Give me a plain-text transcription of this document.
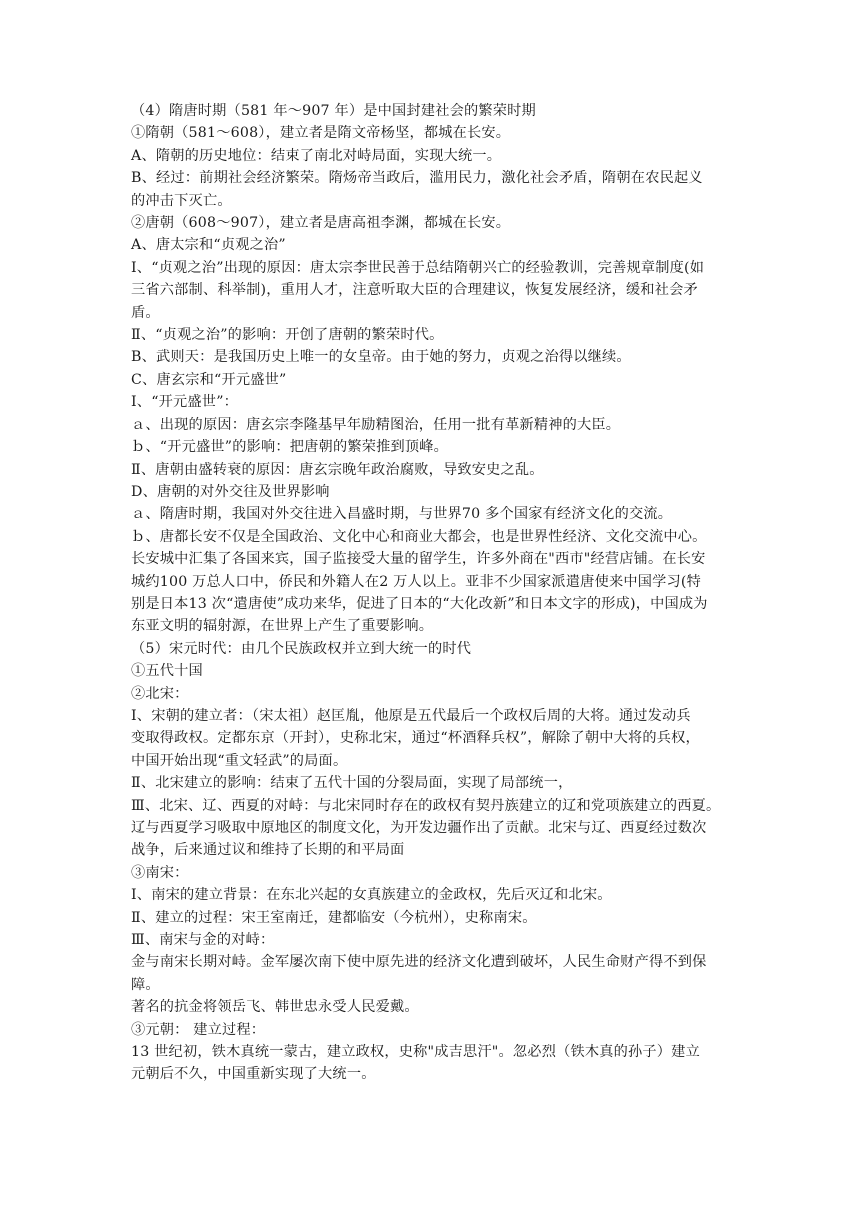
（4）隋唐时期（581 年～907 年）是中国封建社会的繁荣时期

①隋朝（581～608），建立者是隋文帝杨坚，都城在长安。

A、隋朝的历史地位：结束了南北对峙局面，实现大统一。

B、经过：前期社会经济繁荣。隋炀帝当政后，滥用民力，激化社会矛盾，隋朝在农民起义

的冲击下灭亡。

②唐朝（608～907），建立者是唐高祖李渊，都城在长安。

A、唐太宗和“贞观之治”

Ⅰ、“贞观之治”出现的原因：唐太宗李世民善于总结隋朝兴亡的经验教训，完善规章制度(如

三省六部制、科举制)，重用人才，注意听取大臣的合理建议，恢复发展经济，缓和社会矛

盾。

Ⅱ、“贞观之治”的影响：开创了唐朝的繁荣时代。

B、武则天：是我国历史上唯一的女皇帝。由于她的努力，贞观之治得以继续。

C、唐玄宗和“开元盛世”

Ⅰ、“开元盛世”：

ａ、出现的原因：唐玄宗李隆基早年励精图治，任用一批有革新精神的大臣。

ｂ、“开元盛世”的影响：把唐朝的繁荣推到顶峰。

Ⅱ、唐朝由盛转衰的原因：唐玄宗晚年政治腐败，导致安史之乱。

D、唐朝的对外交往及世界影响

ａ、隋唐时期，我国对外交往进入昌盛时期，与世界70 多个国家有经济文化的交流。

ｂ、唐都长安不仅是全国政治、文化中心和商业大都会，也是世界性经济、文化交流中心。

长安城中汇集了各国来宾，国子监接受大量的留学生，许多外商在"西市"经营店铺。在长安

城约100 万总人口中，侨民和外籍人在2 万人以上。亚非不少国家派遣唐使来中国学习(特

别是日本13 次“遣唐使”成功来华，促进了日本的“大化改新”和日本文字的形成)，中国成为

东亚文明的辐射源，在世界上产生了重要影响。

（5）宋元时代：由几个民族政权并立到大统一的时代

①五代十国

②北宋：

Ⅰ、宋朝的建立者：（宋太祖）赵匡胤，他原是五代最后一个政权后周的大将。通过发动兵

变取得政权。定都东京（开封），史称北宋，通过“杯酒释兵权”，解除了朝中大将的兵权，

中国开始出现“重文轻武”的局面。

Ⅱ、北宋建立的影响：结束了五代十国的分裂局面，实现了局部统一，

Ⅲ、北宋、辽、西夏的对峙：与北宋同时存在的政权有契丹族建立的辽和党项族建立的西夏。

辽与西夏学习吸取中原地区的制度文化，为开发边疆作出了贡献。北宋与辽、西夏经过数次

战争，后来通过议和维持了长期的和平局面

③南宋：

Ⅰ、南宋的建立背景：在东北兴起的女真族建立的金政权，先后灭辽和北宋。

Ⅱ、建立的过程：宋王室南迁，建都临安（今杭州），史称南宋。

Ⅲ、南宋与金的对峙：

金与南宋长期对峙。金军屡次南下使中原先进的经济文化遭到破坏，人民生命财产得不到保

障。

著名的抗金将领岳飞、韩世忠永受人民爱戴。

③元朝： 建立过程：

13 世纪初，铁木真统一蒙古，建立政权，史称"成吉思汗"。忽必烈（铁木真的孙子）建立

元朝后不久，中国重新实现了大统一。
